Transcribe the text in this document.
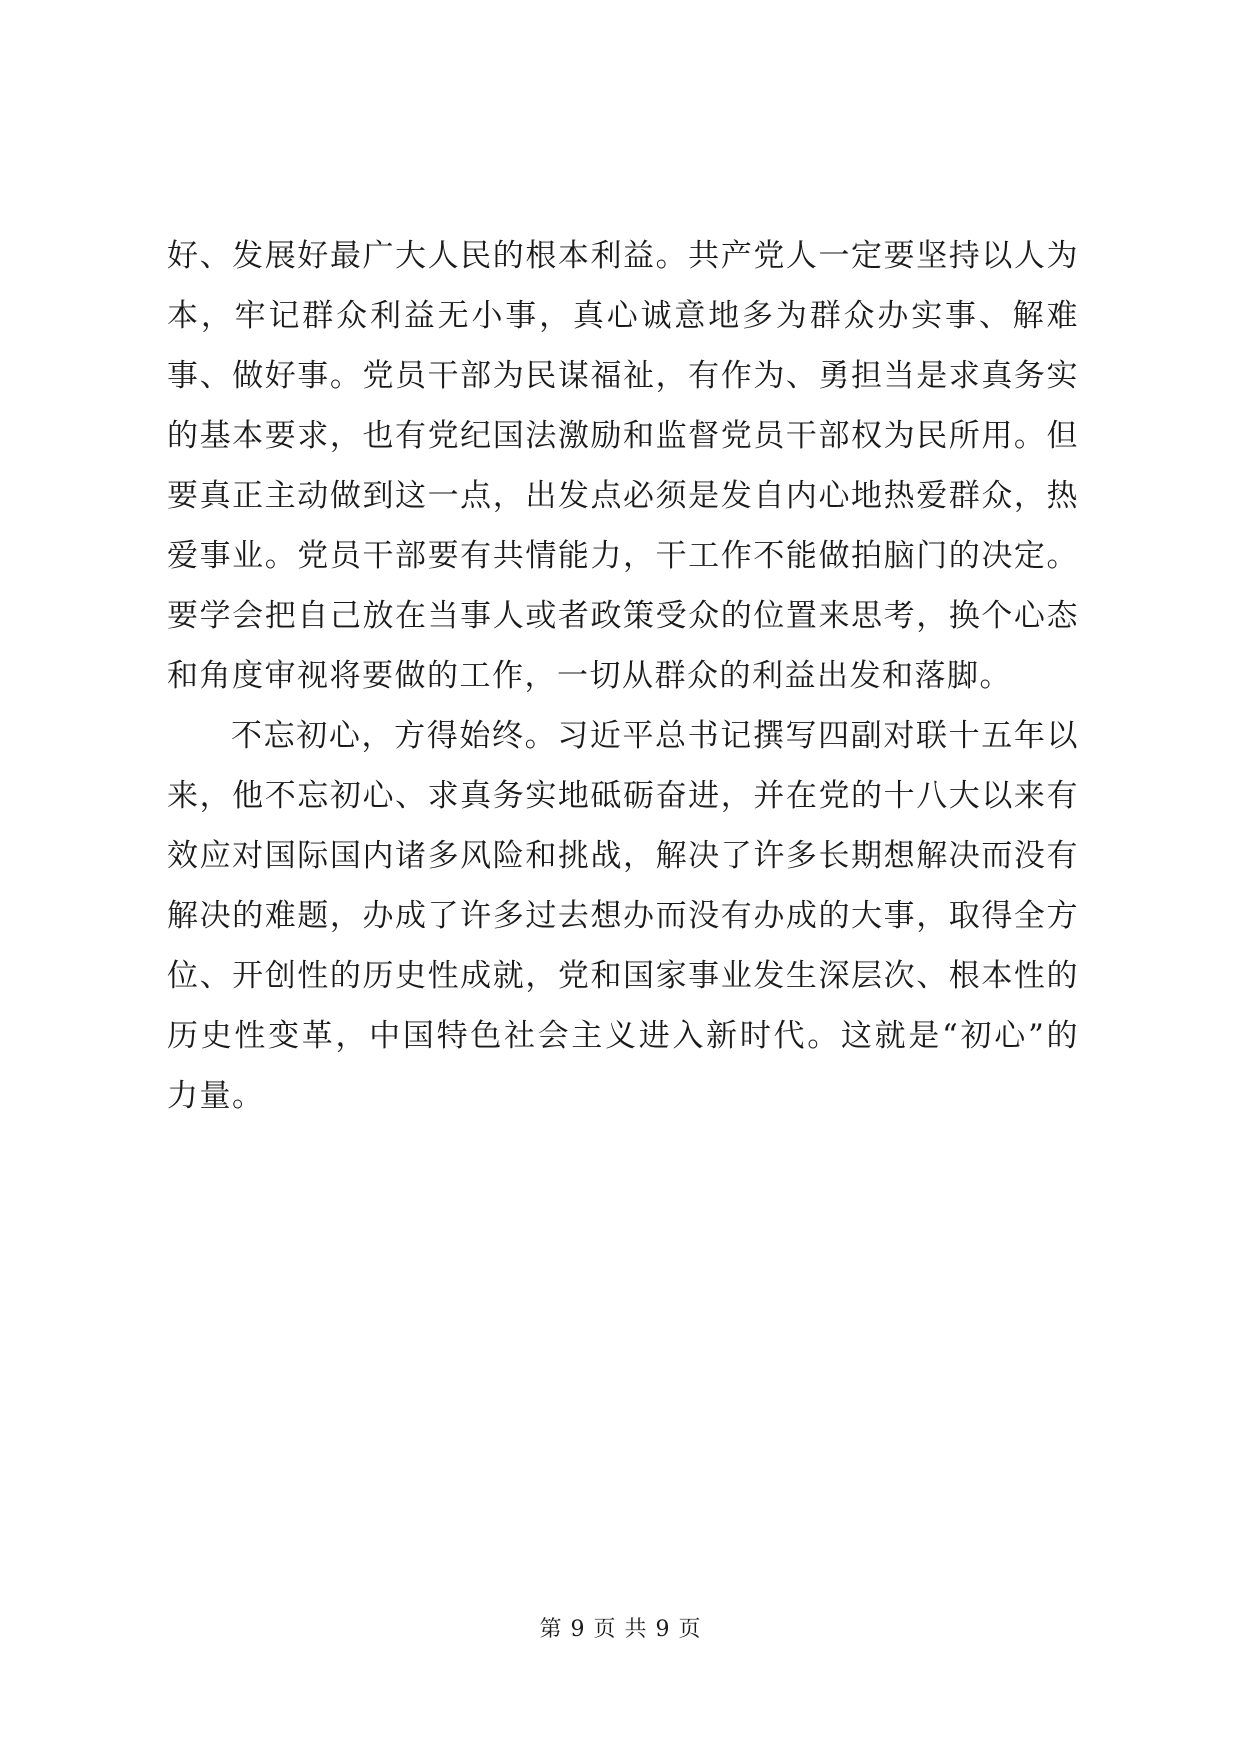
好、发展好最广大人民的根本利益。共产党人一定要坚持以人为本，牢记群众利益无小事，真心诚意地多为群众办实事、解难事、做好事。党员干部为民谋福祉，有作为、勇担当是求真务实的基本要求，也有党纪国法激励和监督党员干部权为民所用。但要真正主动做到这一点，出发点必须是发自内心地热爱群众，热爱事业。党员干部要有共情能力，干工作不能做拍脑门的决定。要学会把自己放在当事人或者政策受众的位置来思考，换个心态和角度审视将要做的工作，一切从群众的利益出发和落脚。

不忘初心，方得始终。习近平总书记撰写四副对联十五年以来，他不忘初心、求真务实地砥砺奋进，并在党的十八大以来有效应对国际国内诸多风险和挑战，解决了许多长期想解决而没有解决的难题，办成了许多过去想办而没有办成的大事，取得全方位、开创性的历史性成就，党和国家事业发生深层次、根本性的历史性变革，中国特色社会主义进入新时代。这就是“初心”的力量。

第 9 页 共 9 页
